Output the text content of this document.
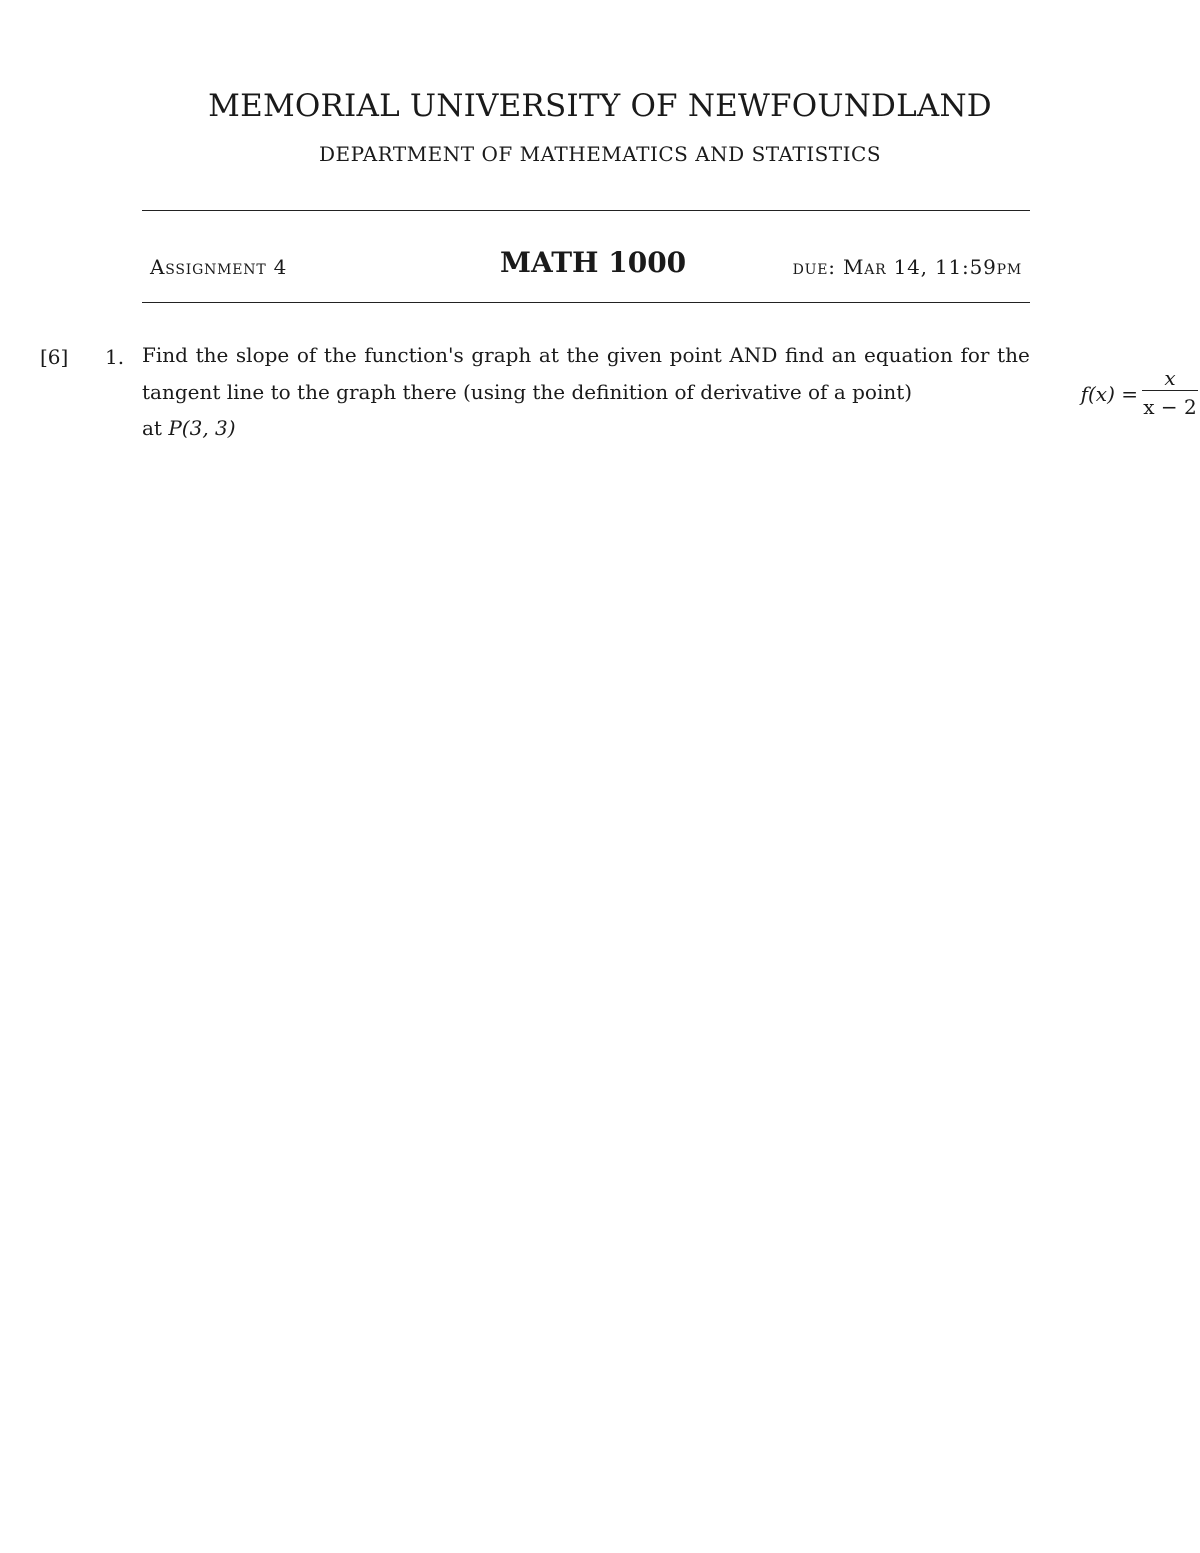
MEMORIAL UNIVERSITY OF NEWFOUNDLAND
DEPARTMENT OF MATHEMATICS AND STATISTICS
Assignment 4	MATH 1000	due: Mar 14, 11:59pm
[6] 1. Find the slope of the function's graph at the given point AND find an equation for the
tangent line to the graph there (using the definition of derivative of a point)	f(x) =
x
x − 2
at P(3, 3)
